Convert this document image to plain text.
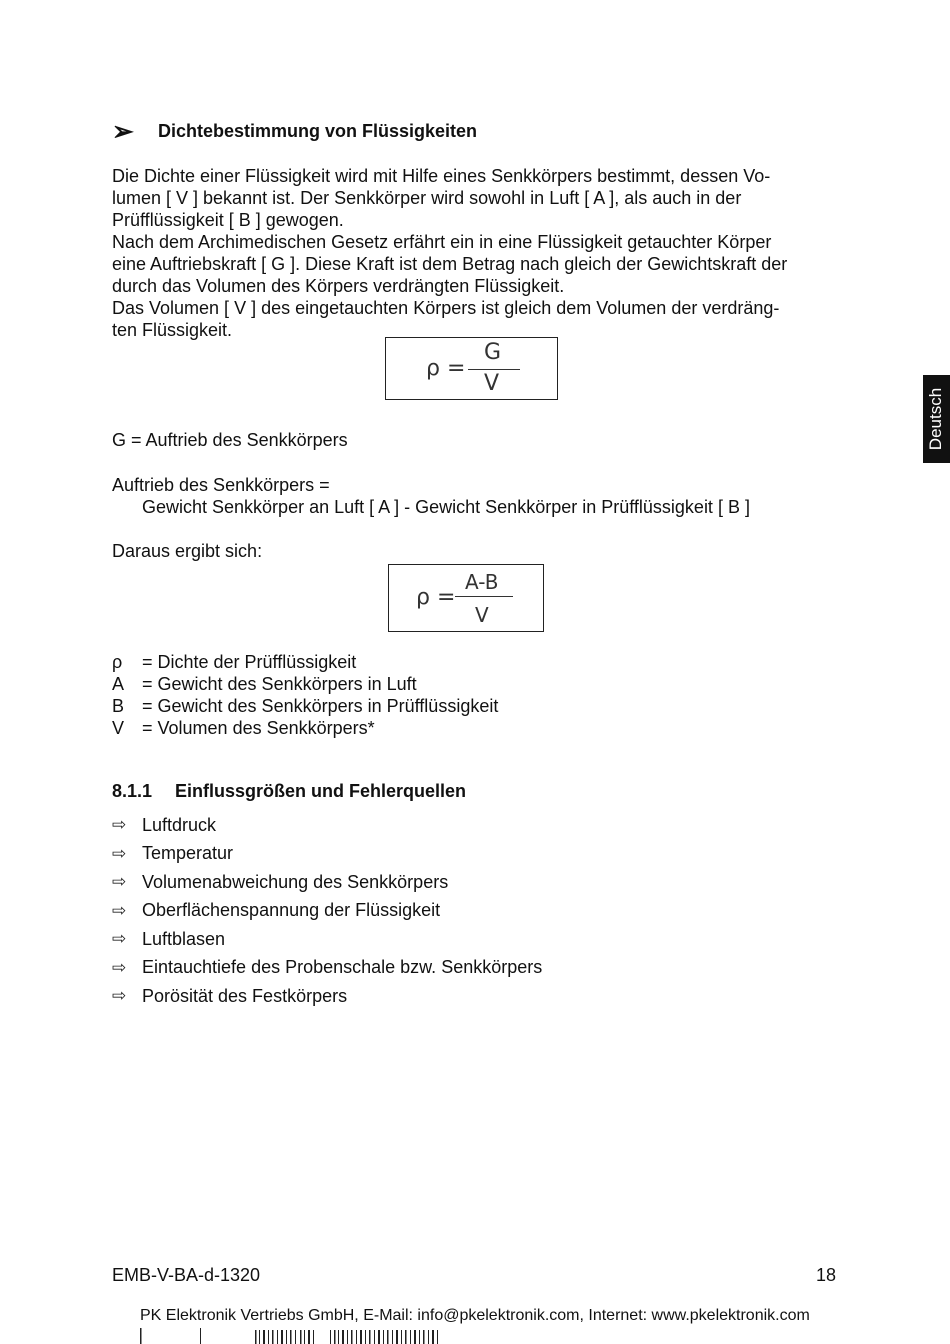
➢	Dichtebestimmung von Flüssigkeiten

Die Dichte einer Flüssigkeit wird mit Hilfe eines Senkkörpers bestimmt, dessen Vo-

lumen [ V ] bekannt ist. Der Senkkörper wird sowohl in Luft [ A ], als auch in der

Prüfflüssigkeit [ B ] gewogen.

Nach dem Archimedischen Gesetz erfährt ein in eine Flüssigkeit getauchter Körper

eine Auftriebskraft [ G ]. Diese Kraft ist dem Betrag nach gleich der Gewichtskraft der

durch das Volumen des Körpers verdrängten Flüssigkeit.

Das Volumen [ V ] des eingetauchten Körpers ist gleich dem Volumen der verdräng-

ten Flüssigkeit.

ρ =
G
V
Deutsch
G = Auftrieb des Senkkörpers
Auftrieb des Senkkörpers =
Gewicht Senkkörper an Luft [ A ] - Gewicht Senkkörper in Prüfflüssigkeit [ B ]
Daraus ergibt sich:
ρ =
A-B
V
ρ	= Dichte der Prüfflüssigkeit
A = Gewicht des Senkkörpers in Luft
B = Gewicht des Senkkörpers in Prüfflüssigkeit
V = Volumen des Senkkörpers*
8.1.1 Einflussgrößen und Fehlerquellen
⇨ Luftdruck
⇨ Temperatur
⇨ Volumenabweichung des Senkkörpers
⇨ Oberflächenspannung der Flüssigkeit
⇨ Luftblasen
⇨ Eintauchtiefe des Probenschale bzw. Senkkörpers
⇨ Porösität des Festkörpers
EMB-V-BA-d-1320	18
PK Elektronik Vertriebs GmbH, E-Mail: info@pkelektronik.com, Internet: www.pkelektronik.com
